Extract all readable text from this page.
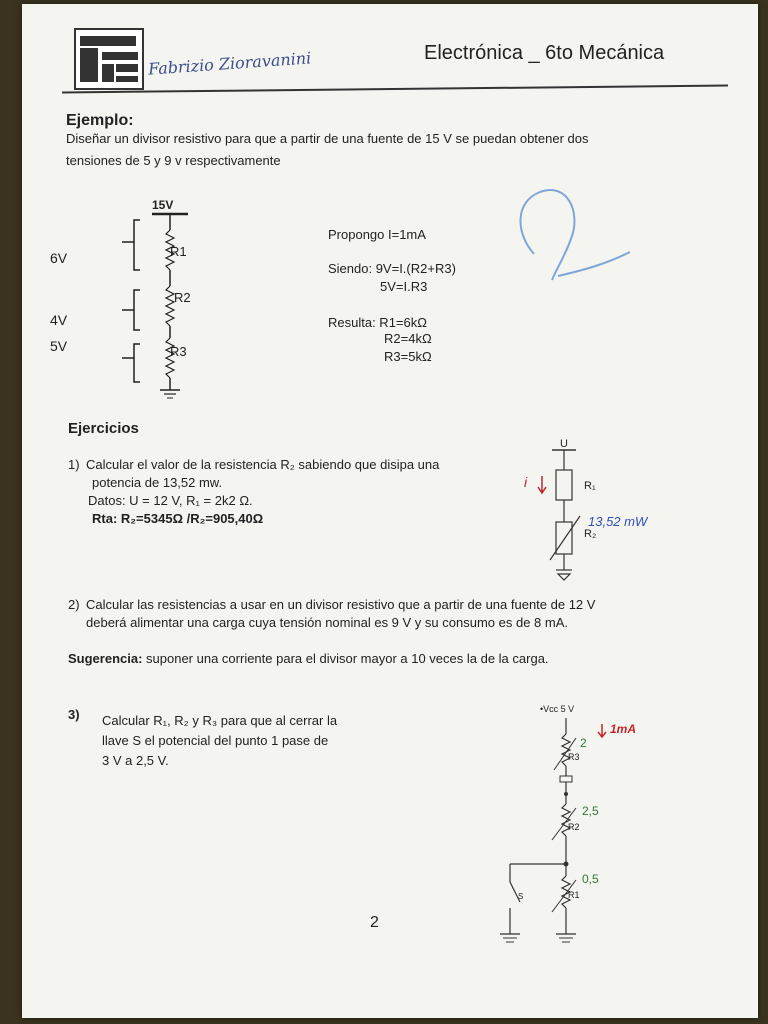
Fabrizio Zioravanini	Electrónica _ 6to Mecánica
Ejemplo:
Diseñar un divisor resistivo para que a partir de una fuente de 15 V se puedan obtener dos
tensiones de 5 y 9 v respectivamente
15V
R1
R2
R3
6V
4V
5V
Propongo I=1mA
Siendo: 9V=I.(R2+R3)
5V=I.R3
Resulta: R1=6kΩ
R2=4kΩ
R3=5kΩ
Ejercicios
1) Calcular el valor de la resistencia R₂ sabiendo que disipa una
potencia de 13,52 mw.
Datos: U = 12 V, R₁ = 2k2 Ω.
Rta: R₂=5345Ω /R₂=905,40Ω
U
R₁
R₂
i
13,52 mW
2) Calcular las resistencias a usar en un divisor resistivo que a partir de una fuente de 12 V
deberá alimentar una carga cuya tensión nominal es 9 V y su consumo es de 8 mA.
Sugerencia: suponer una corriente para el divisor mayor a 10 veces la de la carga.
3) Calcular R₁, R₂ y R₃ para que al cerrar la
llave S el potencial del punto 1 pase de
3 V a 2,5 V.
•Vcc 5 V
1mA
2
R3
2,5
R2
0,5
R1
S
2
